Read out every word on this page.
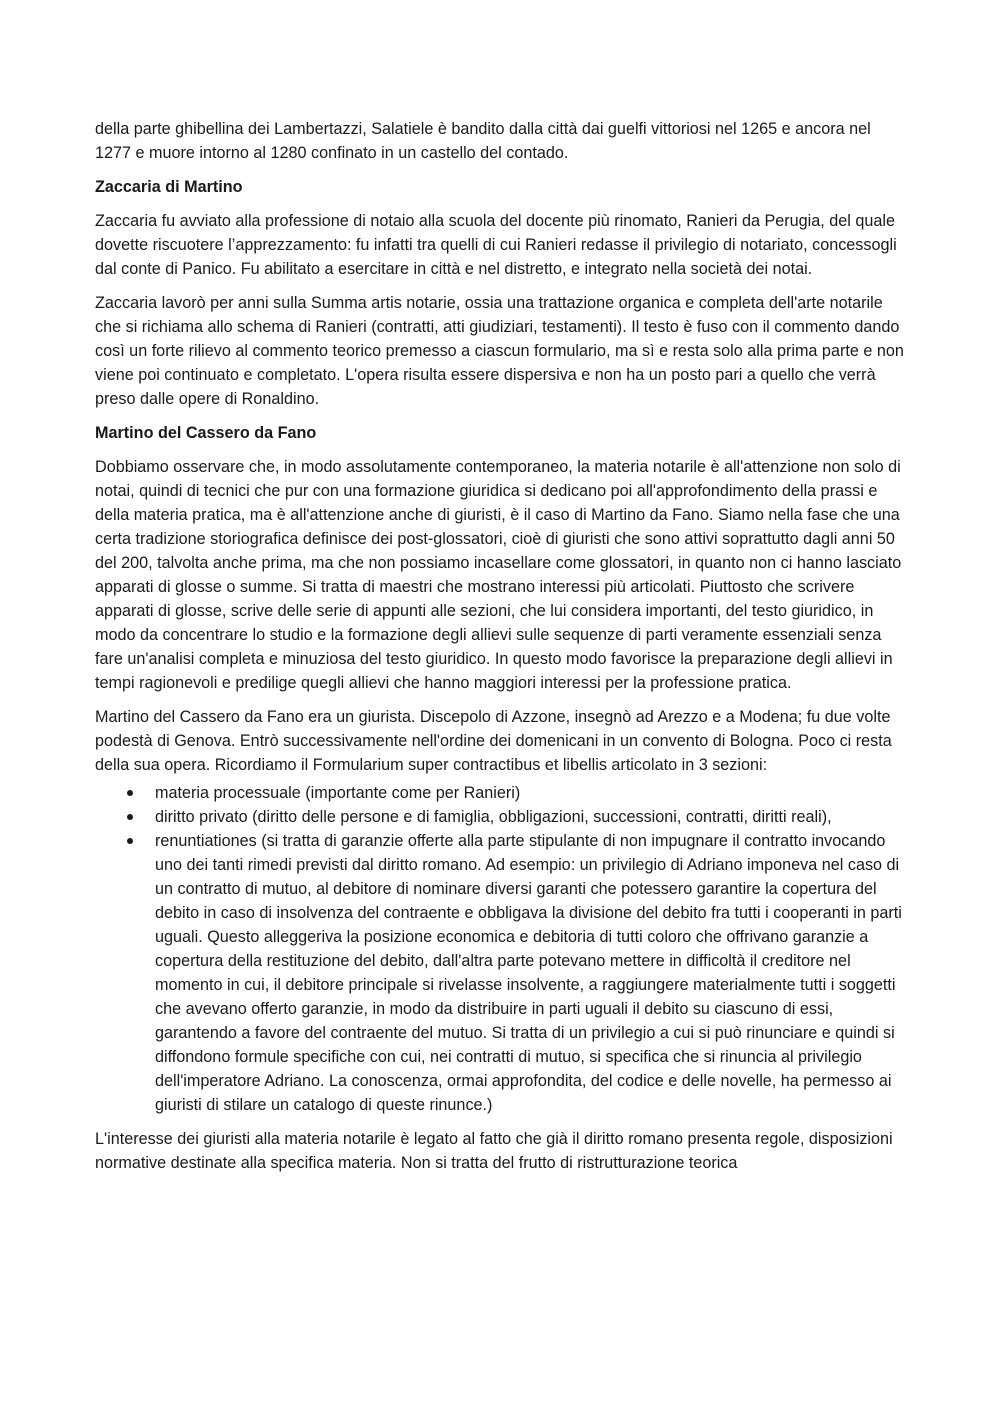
della parte ghibellina dei Lambertazzi, Salatiele è bandito dalla città dai guelfi vittoriosi nel 1265 e ancora nel 1277 e muore intorno al 1280 confinato in un castello del contado.

Zaccaria di Martino

Zaccaria fu avviato alla professione di notaio alla scuola del docente più rinomato, Ranieri da Perugia, del quale dovette riscuotere l’apprezzamento: fu infatti tra quelli di cui Ranieri redasse il privilegio di notariato, concessogli dal conte di Panico. Fu abilitato a esercitare in città e nel distretto, e integrato nella società dei notai.

Zaccaria lavorò per anni sulla Summa artis notarie, ossia una trattazione organica e completa dell'arte notarile che si richiama allo schema di Ranieri (contratti, atti giudiziari, testamenti). Il testo è fuso con il commento dando così un forte rilievo al commento teorico premesso a ciascun formulario, ma sì e resta solo alla prima parte e non viene poi continuato e completato. L'opera risulta essere dispersiva e non ha un posto pari a quello che verrà preso dalle opere di Ronaldino.

Martino del Cassero da Fano

Dobbiamo osservare che, in modo assolutamente contemporaneo, la materia notarile è all'attenzione non solo di notai, quindi di tecnici che pur con una formazione giuridica si dedicano poi all'approfondimento della prassi e della materia pratica, ma è all'attenzione anche di giuristi, è il caso di Martino da Fano. Siamo nella fase che una certa tradizione storiografica definisce dei post-glossatori, cioè di giuristi che sono attivi soprattutto dagli anni 50 del 200, talvolta anche prima, ma che non possiamo incasellare come glossatori, in quanto non ci hanno lasciato apparati di glosse o summe. Si tratta di maestri che mostrano interessi più articolati. Piuttosto che scrivere apparati di glosse, scrive delle serie di appunti alle sezioni, che lui considera importanti, del testo giuridico, in modo da concentrare lo studio e la formazione degli allievi sulle sequenze di parti veramente essenziali senza fare un'analisi completa e minuziosa del testo giuridico. In questo modo favorisce la preparazione degli allievi in tempi ragionevoli e predilige quegli allievi che hanno maggiori interessi per la professione pratica.

Martino del Cassero da Fano era un giurista. Discepolo di Azzone, insegnò ad Arezzo e a Modena; fu due volte podestà di Genova. Entrò successivamente nell'ordine dei domenicani in un convento di Bologna. Poco ci resta della sua opera. Ricordiamo il Formularium super contractibus et libellis articolato in 3 sezioni:

materia processuale (importante come per Ranieri)
diritto privato (diritto delle persone e di famiglia, obbligazioni, successioni, contratti, diritti reali),
renuntiationes (si tratta di garanzie offerte alla parte stipulante di non impugnare il contratto invocando uno dei tanti rimedi previsti dal diritto romano. Ad esempio: un privilegio di Adriano imponeva nel caso di un contratto di mutuo, al debitore di nominare diversi garanti che potessero garantire la copertura del debito in caso di insolvenza del contraente e obbligava la divisione del debito fra tutti i cooperanti in parti uguali. Questo alleggeriva la posizione economica e debitoria di tutti coloro che offrivano garanzie a copertura della restituzione del debito, dall'altra parte potevano mettere in difficoltà il creditore nel momento in cui, il debitore principale si rivelasse insolvente, a raggiungere materialmente tutti i soggetti che avevano offerto garanzie, in modo da distribuire in parti uguali il debito su ciascuno di essi, garantendo a favore del contraente del mutuo. Si tratta di un privilegio a cui si può rinunciare e quindi si diffondono formule specifiche con cui, nei contratti di mutuo, si specifica che si rinuncia al privilegio dell'imperatore Adriano. La conoscenza, ormai approfondita, del codice e delle novelle, ha permesso ai giuristi di stilare un catalogo di queste rinunce.)

L'interesse dei giuristi alla materia notarile è legato al fatto che già il diritto romano presenta regole, disposizioni normative destinate alla specifica materia. Non si tratta del frutto di ristrutturazione teorica
